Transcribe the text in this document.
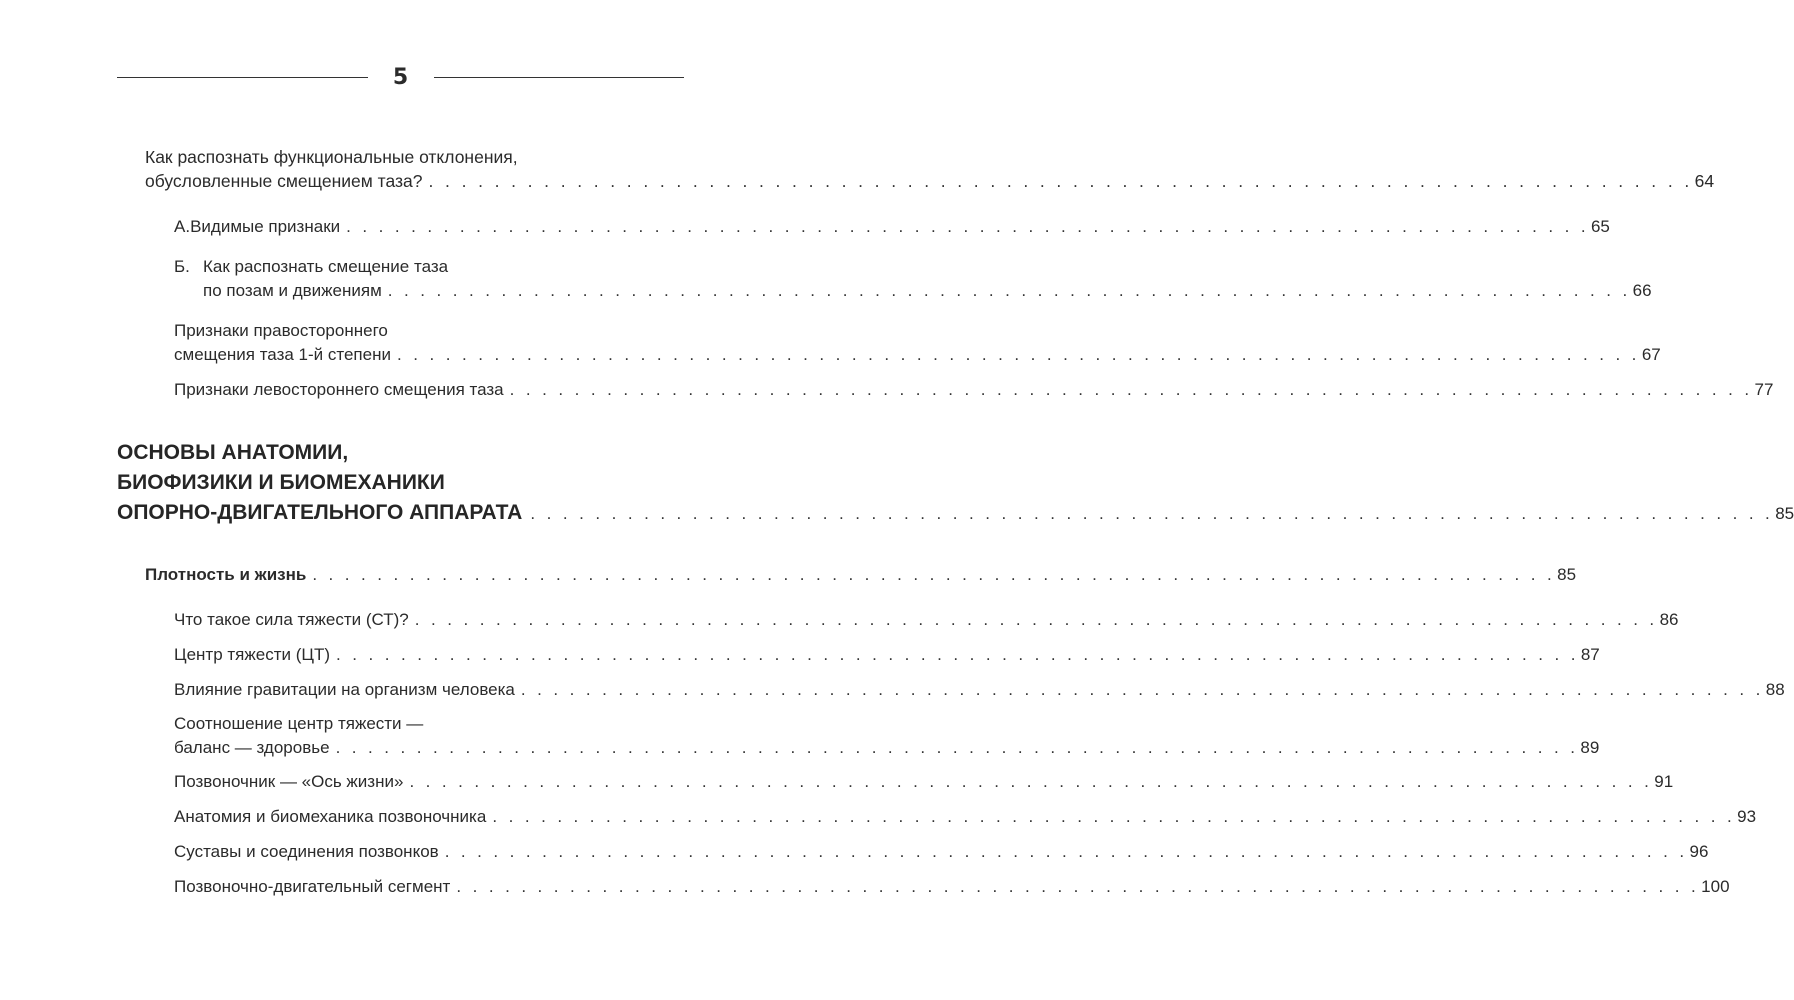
5
Как распознать функциональные отклонения,
обусловленные смещением таза? . . . . . . . . . . . . . . . . . . . . . . . . . . . . . . . . . . . . . . . . . . . . . . . . . . . . . . . . . . . . . . . . . . . . . . . . . . . . . 64
А. Видимые признаки . . . . . . . . . . . . . . . . . . . . . . . . . . . . . . . . . . . . . . . . . . . . . . . . . . . . . . . . . . . . . . . . . . . . . . . . . . . . . 65
Б. Как распознать смещение таза
по позам и движениям . . . . . . . . . . . . . . . . . . . . . . . . . . . . . . . . . . . . . . . . . . . . . . . . . . . . . . . . . . . . . . . . . . . . . . . . . . . . . 66
Признаки правостороннего
смещения таза 1-й степени . . . . . . . . . . . . . . . . . . . . . . . . . . . . . . . . . . . . . . . . . . . . . . . . . . . . . . . . . . . . . . . . . . . . . . . . . . . . . 67
Признаки левостороннего смещения таза . . . . . . . . . . . . . . . . . . . . . . . . . . . . . . . . . . . . . . . . . . . . . . . . . . . . . . . . . . . . . . . . . . . . . . . . . . . . . 77
ОСНОВЫ АНАТОМИИ,
БИОФИЗИКИ И БИОМЕХАНИКИ
ОПОРНО-ДВИГАТЕЛЬНОГО АППАРАТА . . . . . . . . . . . . . . . . . . . . . . . . . . . . . . . . . . . . . . . . . . . . . . . . . . . . . . . . . . . . . . . . . . . . . . . . . . . . . 85
Плотность и жизнь . . . . . . . . . . . . . . . . . . . . . . . . . . . . . . . . . . . . . . . . . . . . . . . . . . . . . . . . . . . . . . . . . . . . . . . . . . . . . 85
Что такое сила тяжести (СТ)? . . . . . . . . . . . . . . . . . . . . . . . . . . . . . . . . . . . . . . . . . . . . . . . . . . . . . . . . . . . . . . . . . . . . . . . . . . . . . 86
Центр тяжести (ЦТ) . . . . . . . . . . . . . . . . . . . . . . . . . . . . . . . . . . . . . . . . . . . . . . . . . . . . . . . . . . . . . . . . . . . . . . . . . . . . . 87
Влияние гравитации на организм человека . . . . . . . . . . . . . . . . . . . . . . . . . . . . . . . . . . . . . . . . . . . . . . . . . . . . . . . . . . . . . . . . . . . . . . . . . . . . . 88
Соотношение центр тяжести —
баланс — здоровье . . . . . . . . . . . . . . . . . . . . . . . . . . . . . . . . . . . . . . . . . . . . . . . . . . . . . . . . . . . . . . . . . . . . . . . . . . . . . 89
Позвоночник — «Ось жизни» . . . . . . . . . . . . . . . . . . . . . . . . . . . . . . . . . . . . . . . . . . . . . . . . . . . . . . . . . . . . . . . . . . . . . . . . . . . . . 91
Анатомия и биомеханика позвоночника . . . . . . . . . . . . . . . . . . . . . . . . . . . . . . . . . . . . . . . . . . . . . . . . . . . . . . . . . . . . . . . . . . . . . . . . . . . . . 93
Суставы и соединения позвонков . . . . . . . . . . . . . . . . . . . . . . . . . . . . . . . . . . . . . . . . . . . . . . . . . . . . . . . . . . . . . . . . . . . . . . . . . . . . . 96
Позвоночно-двигательный сегмент . . . . . . . . . . . . . . . . . . . . . . . . . . . . . . . . . . . . . . . . . . . . . . . . . . . . . . . . . . . . . . . . . . . . . . . . . . . . . 100
